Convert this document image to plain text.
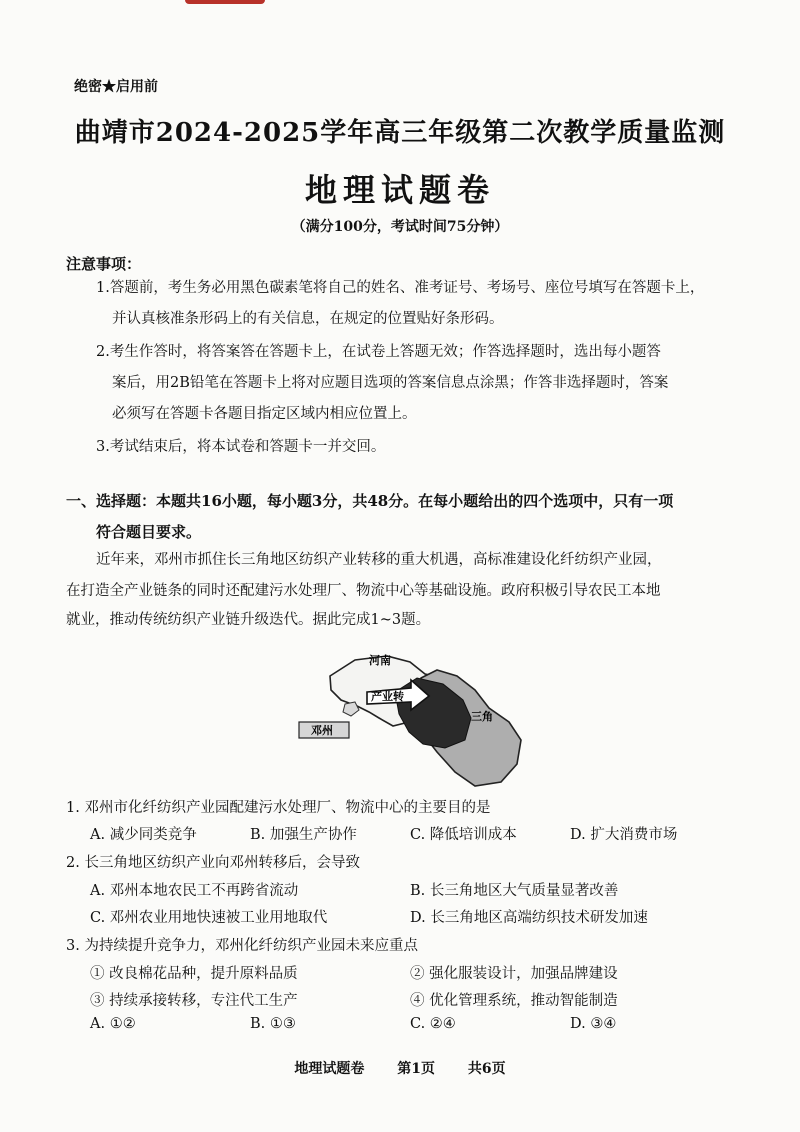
绝密★启用前
曲靖市2024-2025学年高三年级第二次教学质量监测
地理试题卷
（满分100分，考试时间75分钟）
注意事项：
1.答题前，考生务必用黑色碳素笔将自己的姓名、准考证号、考场号、座位号填写在答题卡上，
并认真核准条形码上的有关信息，在规定的位置贴好条形码。
2.考生作答时，将答案答在答题卡上，在试卷上答题无效；作答选择题时，选出每小题答
案后，用2B铅笔在答题卡上将对应题目选项的答案信息点涂黑；作答非选择题时，答案
必须写在答题卡各题目指定区域内相应位置上。
3.考试结束后，将本试卷和答题卡一并交回。
一、选择题：本题共16小题，每小题3分，共48分。在每小题给出的四个选项中，只有一项
符合题目要求。
近年来，邓州市抓住长三角地区纺织产业转移的重大机遇，高标准建设化纤纺织产业园，
在打造全产业链条的同时还配建污水处理厂、物流中心等基础设施。政府积极引导农民工本地
就业，推动传统纺织产业链升级迭代。据此完成1~3题。
河南
产业转
三角
邓州
1. 邓州市化纤纺织产业园配建污水处理厂、物流中心的主要目的是
A. 减少同类竞争	B. 加强生产协作	C. 降低培训成本	D. 扩大消费市场
2. 长三角地区纺织产业向邓州转移后，会导致
A. 邓州本地农民工不再跨省流动	B. 长三角地区大气质量显著改善
C. 邓州农业用地快速被工业用地取代	D. 长三角地区高端纺织技术研发加速
3. 为持续提升竞争力，邓州化纤纺织产业园未来应重点
① 改良棉花品种，提升原料品质	② 强化服装设计，加强品牌建设
③ 持续承接转移，专注代工生产	④ 优化管理系统，推动智能制造
A. ①②	B. ①③	C. ②④	D. ③④
地理试题卷 第1页 共6页
